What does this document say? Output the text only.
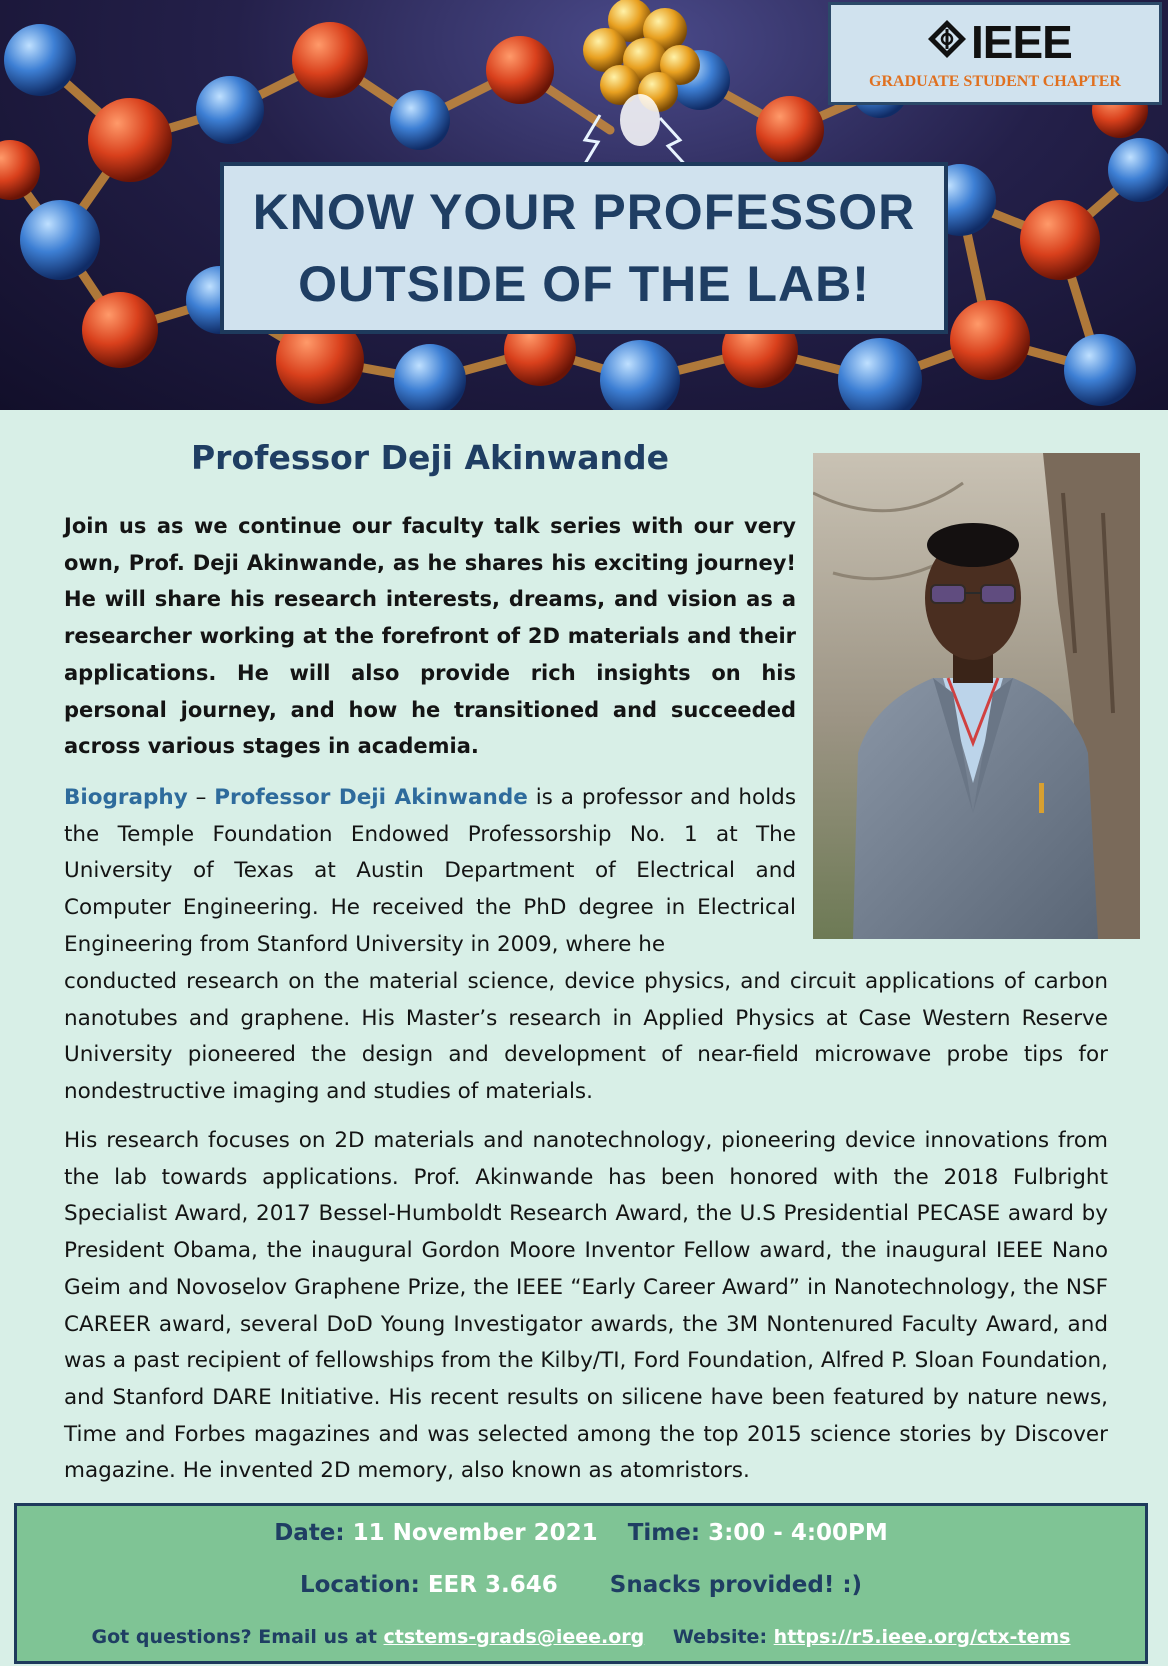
IEEE
GRADUATE STUDENT CHAPTER
KNOW YOUR PROFESSOR
OUTSIDE OF THE LAB!
Professor Deji Akinwande
Join us as we continue our faculty talk series with our very own, Prof. Deji Akinwande, as he shares his exciting journey! He will share his research interests, dreams, and vision as a researcher working at the forefront of 2D materials and their applications. He will also provide rich insights on his personal journey, and how he transitioned and succeeded across various stages in academia.
Biography – Professor Deji Akinwande is a professor and holds the Temple Foundation Endowed Professorship No. 1 at The University of Texas at Austin Department of Electrical and Computer Engineering. He received the PhD degree in Electrical Engineering from Stanford University in 2009, where he
conducted research on the material science, device physics, and circuit applications of carbon nanotubes and graphene. His Master’s research in Applied Physics at Case Western Reserve University pioneered the design and development of near-field microwave probe tips for nondestructive imaging and studies of materials.
His research focuses on 2D materials and nanotechnology, pioneering device innovations from the lab towards applications. Prof. Akinwande has been honored with the 2018 Fulbright Specialist Award, 2017 Bessel-Humboldt Research Award, the U.S Presidential PECASE award by President Obama, the inaugural Gordon Moore Inventor Fellow award, the inaugural IEEE Nano Geim and Novoselov Graphene Prize, the IEEE “Early Career Award” in Nanotechnology, the NSF CAREER award, several DoD Young Investigator awards, the 3M Nontenured Faculty Award, and was a past recipient of fellowships from the Kilby/TI, Ford Foundation, Alfred P. Sloan Foundation, and Stanford DARE Initiative. His recent results on silicene have been featured by nature news, Time and Forbes magazines and was selected among the top 2015 science stories by Discover magazine. He invented 2D memory, also known as atomristors.
Date: 11 November 2021 Time: 3:00 - 4:00PM
Location: EER 3.646 Snacks provided! :)
Got questions? Email us at ctstems-grads@ieee.org Website: https://r5.ieee.org/ctx-tems
